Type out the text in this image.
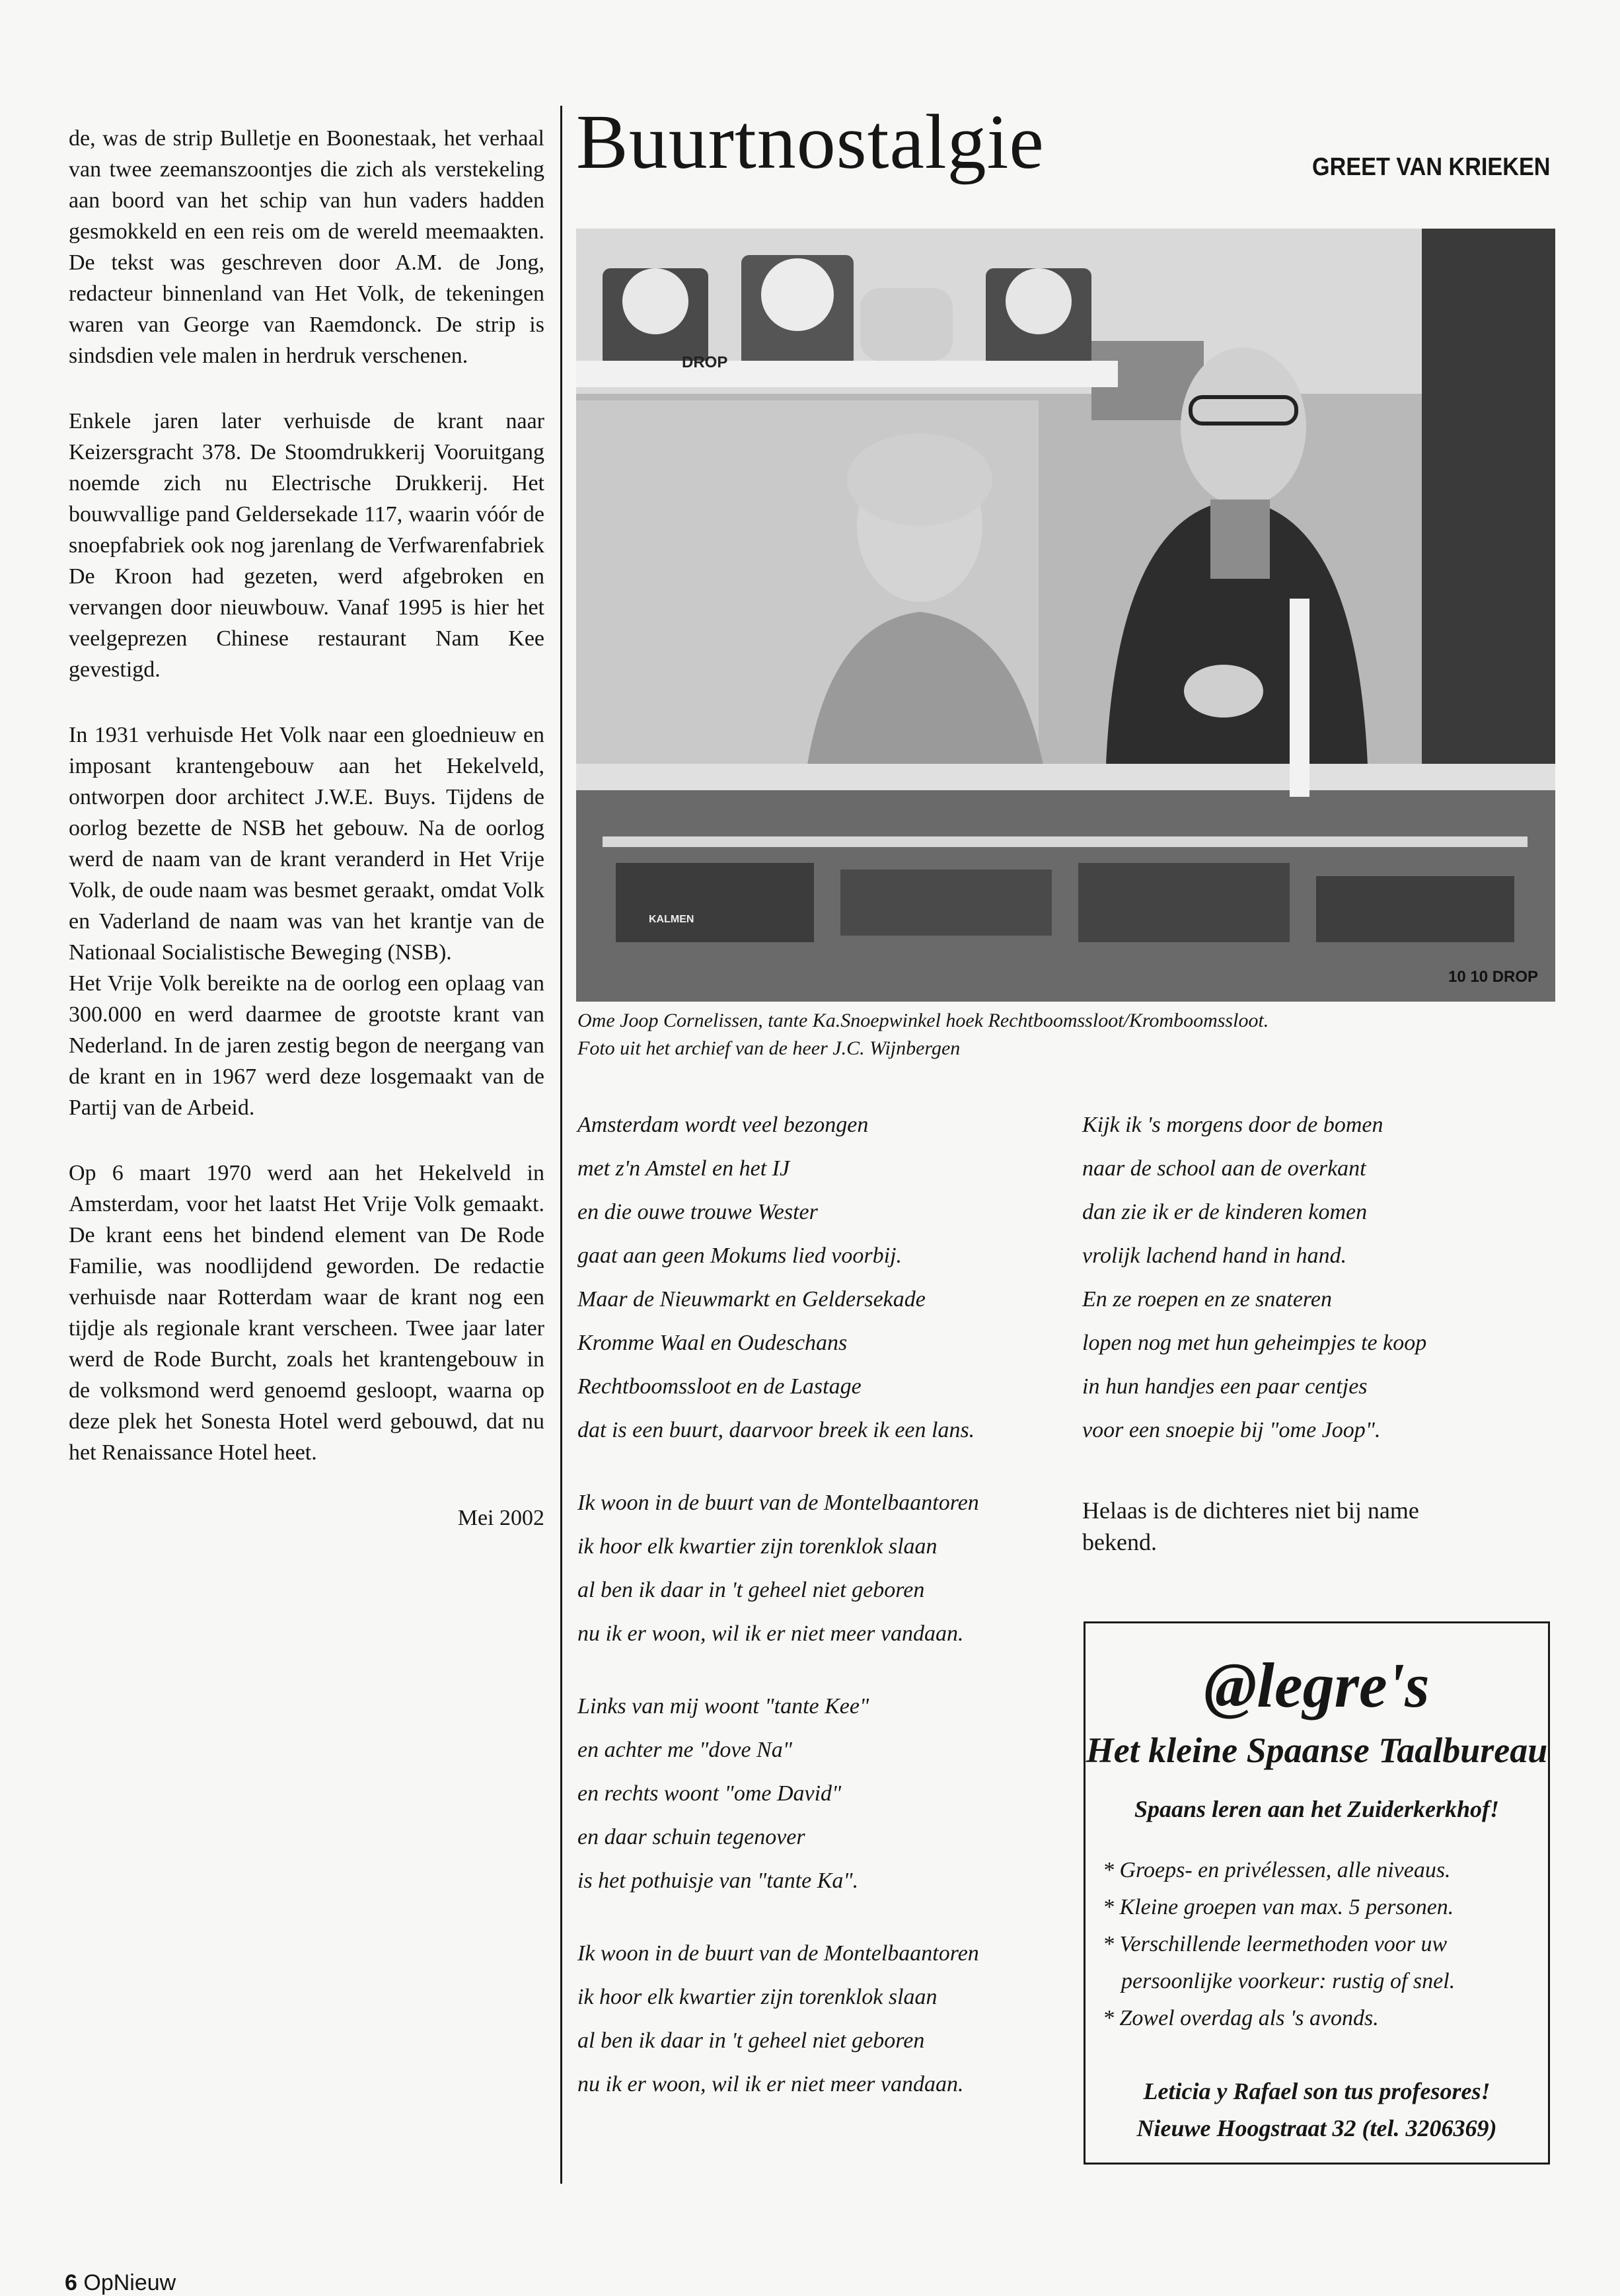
de, was de strip Bulletje en Boonestaak, het verhaal van twee zeemanszoontjes die zich als verstekeling aan boord van het schip van hun vaders hadden gesmokkeld en een reis om de wereld meemaakten. De tekst was geschreven door A.M. de Jong, redacteur binnenland van Het Volk, de tekeningen waren van George van Raemdonck. De strip is sindsdien vele malen in herdruk verschenen.

Enkele jaren later verhuisde de krant naar Keizersgracht 378. De Stoomdrukkerij Vooruitgang noemde zich nu Electrische Drukkerij. Het bouwvallige pand Geldersekade 117, waarin vóór de snoepfabriek ook nog jarenlang de Verfwarenfabriek De Kroon had gezeten, werd afgebroken en vervangen door nieuwbouw. Vanaf 1995 is hier het veelgeprezen Chinese restaurant Nam Kee gevestigd.

In 1931 verhuisde Het Volk naar een gloednieuw en imposant krantengebouw aan het Hekelveld, ontworpen door architect J.W.E. Buys. Tijdens de oorlog bezette de NSB het gebouw. Na de oorlog werd de naam van de krant veranderd in Het Vrije Volk, de oude naam was besmet geraakt, omdat Volk en Vaderland de naam was van het krantje van de Nationaal Socialistische Beweging (NSB).

Het Vrije Volk bereikte na de oorlog een oplaag van 300.000 en werd daarmee de grootste krant van Nederland. In de jaren zestig begon de neergang van de krant en in 1967 werd deze losgemaakt van de Partij van de Arbeid.

Op 6 maart 1970 werd aan het Hekelveld in Amsterdam, voor het laatst Het Vrije Volk gemaakt. De krant eens het bindend element van De Rode Familie, was noodlijdend geworden. De redactie verhuisde naar Rotterdam waar de krant nog een tijdje als regionale krant verscheen. Twee jaar later werd de Rode Burcht, zoals het krantengebouw in de volksmond werd genoemd gesloopt, waarna op deze plek het Sonesta Hotel werd gebouwd, dat nu het Renaissance Hotel heet.

Mei 2002
Buurtnostalgie	GREET VAN KRIEKEN
DROP
10 10 DROP
KALMEN
Ome Joop Cornelissen, tante Ka.Snoepwinkel hoek Rechtboomssloot/Kromboomssloot.
Foto uit het archief van de heer J.C. Wijnbergen
Amsterdam wordt veel bezongen
met z'n Amstel en het IJ
en die ouwe trouwe Wester
gaat aan geen Mokums lied voorbij.
Maar de Nieuwmarkt en Geldersekade
Kromme Waal en Oudeschans
Rechtboomssloot en de Lastage
dat is een buurt, daarvoor breek ik een lans.
Ik woon in de buurt van de Montelbaantoren
ik hoor elk kwartier zijn torenklok slaan
al ben ik daar in 't geheel niet geboren
nu ik er woon, wil ik er niet meer vandaan.
Links van mij woont "tante Kee"
en achter me "dove Na"
en rechts woont "ome David"
en daar schuin tegenover
is het pothuisje van "tante Ka".
Ik woon in de buurt van de Montelbaantoren
ik hoor elk kwartier zijn torenklok slaan
al ben ik daar in 't geheel niet geboren
nu ik er woon, wil ik er niet meer vandaan.
Kijk ik 's morgens door de bomen
naar de school aan de overkant
dan zie ik er de kinderen komen
vrolijk lachend hand in hand.
En ze roepen en ze snateren
lopen nog met hun geheimpjes te koop
in hun handjes een paar centjes
voor een snoepie bij "ome Joop".
Helaas is de dichteres niet bij name bekend.
@legre's
Het kleine Spaanse Taalbureau
Spaans leren aan het Zuiderkerkhof!
* Groeps- en privélessen, alle niveaus.
* Kleine groepen van max. 5 personen.
* Verschillende leermethoden voor uw
persoonlijke voorkeur: rustig of snel.
* Zowel overdag als 's avonds.
Leticia y Rafael son tus profesores!
Nieuwe Hoogstraat 32 (tel. 3206369)
6 OpNieuw
